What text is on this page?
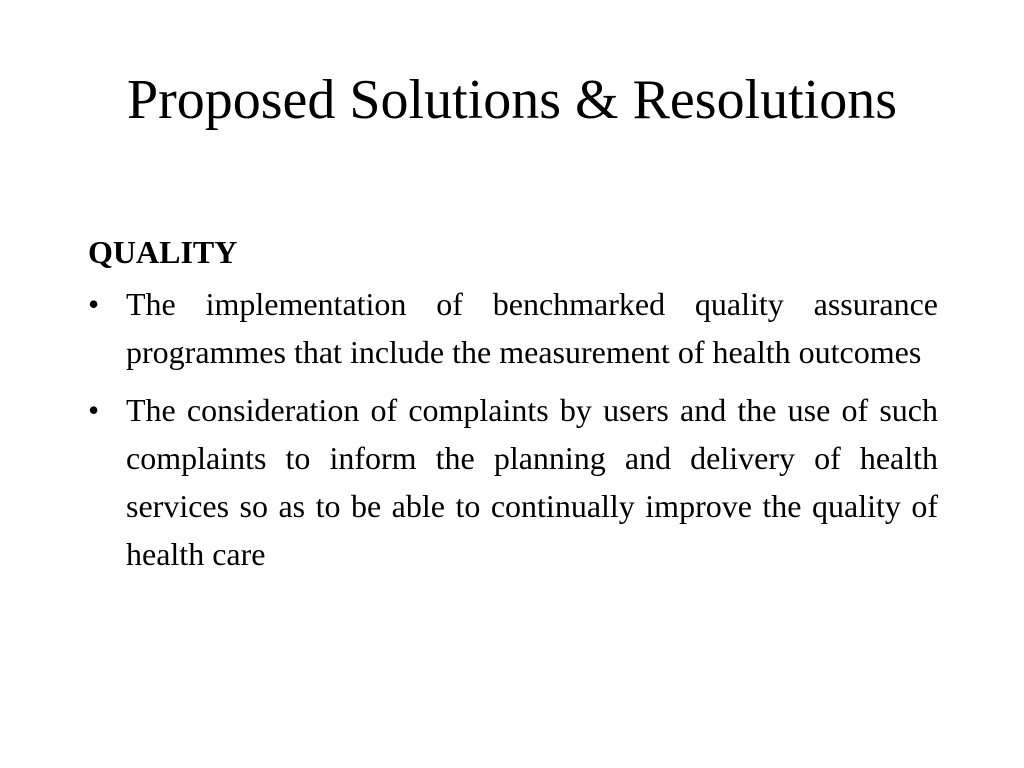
Proposed Solutions & Resolutions
QUALITY
• The implementation of benchmarked quality assurance programmes that include the measurement of health outcomes
• The consideration of complaints by users and the use of such complaints to inform the planning and delivery of health services so as to be able to continually improve the quality of health care
